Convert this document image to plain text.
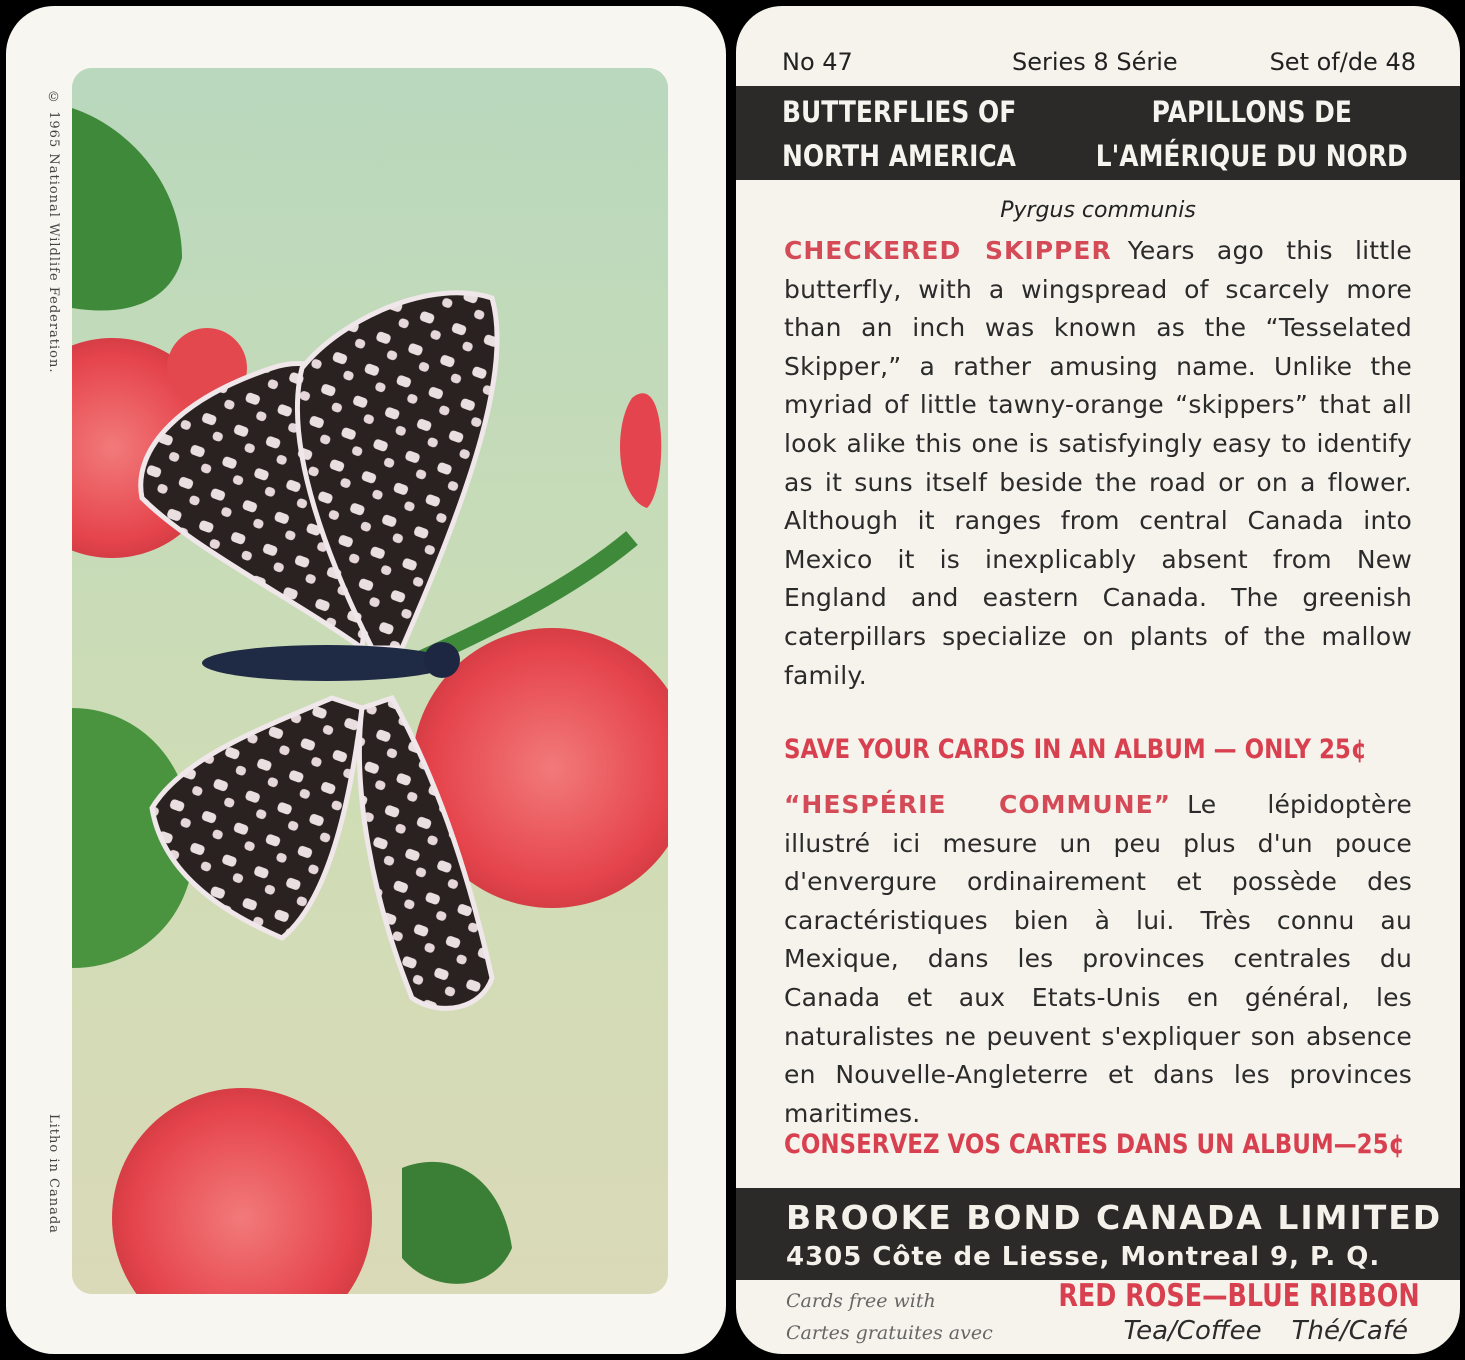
© 1965 National Wildlife Federation.
Litho in Canada
No 47	Series 8 Série	Set of/de 48
BUTTERFLIES OF
NORTH AMERICA
PAPILLONS DE
L'AMÉRIQUE DU NORD
Pyrgus communis
CHECKERED SKIPPER Years ago this little butterfly, with a wingspread of scarcely more than an inch was known as the “Tesselated Skipper,” a rather amusing name. Unlike the myriad of little tawny-orange “skippers” that all look alike this one is satisfyingly easy to identify as it suns itself beside the road or on a flower. Although it ranges from central Canada into Mexico it is inexplicably absent from New England and eastern Canada. The greenish caterpillars specialize on plants of the mallow family.
SAVE YOUR CARDS IN AN ALBUM — ONLY 25¢
“HESPÉRIE COMMUNE” Le lépidoptère illustré ici mesure un peu plus d'un pouce d'envergure ordinairement et possède des caractéristiques bien à lui. Très connu au Mexique, dans les provinces centrales du Canada et aux Etats-Unis en général, les naturalistes ne peuvent s'expliquer son absence en Nouvelle-Angleterre et dans les provinces maritimes.
CONSERVEZ VOS CARTES DANS UN ALBUM—25¢
BROOKE BOND CANADA LIMITED
4305 Côte de Liesse, Montreal 9, P. Q.
Cards free with
Cartes gratuites avec
RED ROSE—BLUE RIBBON
Tea/Coffee Thé/Café
